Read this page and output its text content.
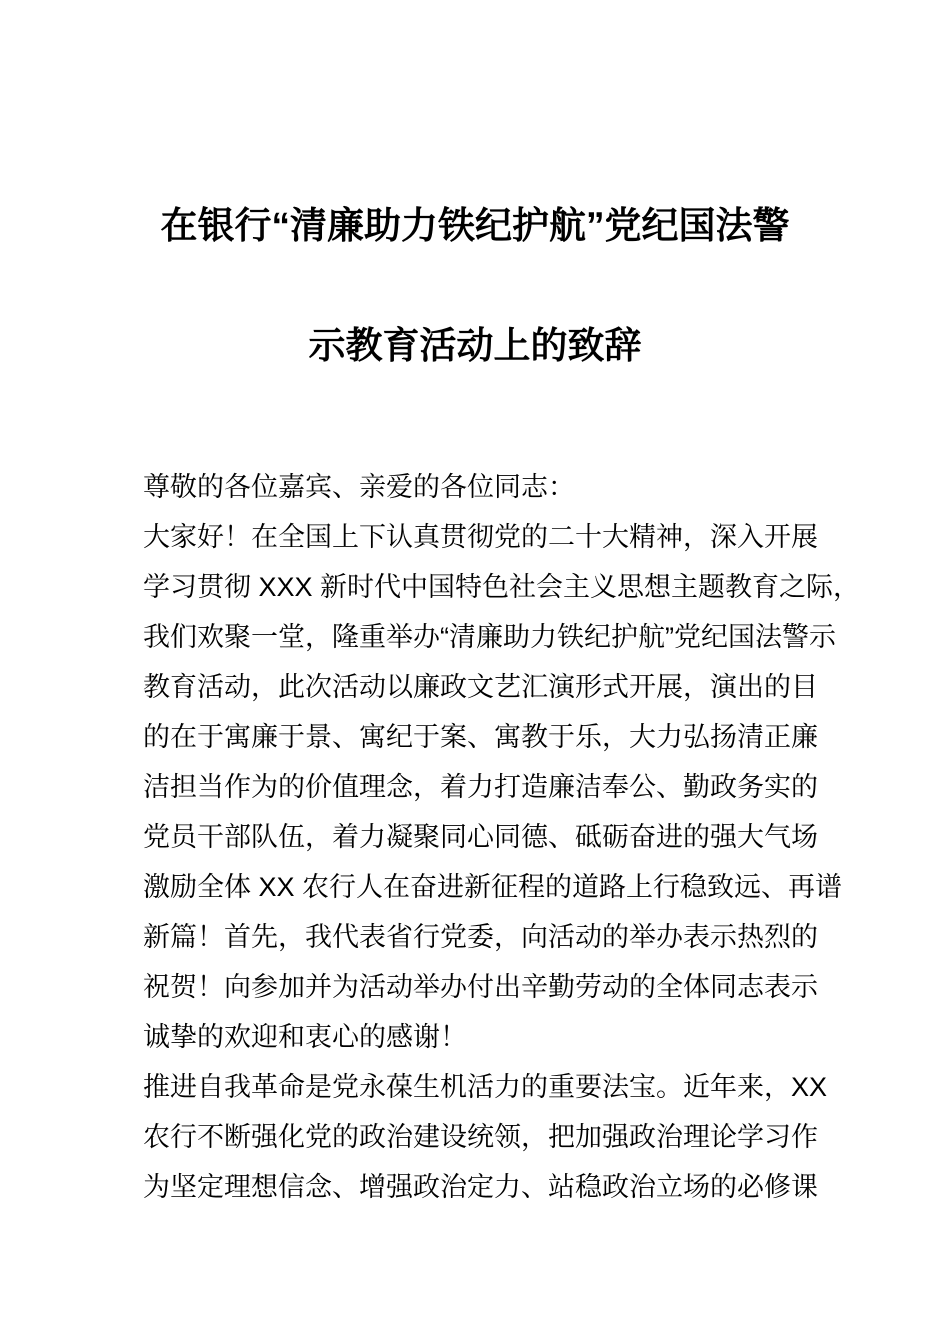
在银行“清廉助力铁纪护航”党纪国法警
示教育活动上的致辞
尊敬的各位嘉宾、亲爱的各位同志：
大家好！在全国上下认真贯彻党的二十大精神，深入开展
学习贯彻 XXX 新时代中国特色社会主义思想主题教育之际，
我们欢聚一堂，隆重举办“清廉助力铁纪护航”党纪国法警示
教育活动，此次活动以廉政文艺汇演形式开展，演出的目
的在于寓廉于景、寓纪于案、寓教于乐，大力弘扬清正廉
洁担当作为的价值理念，着力打造廉洁奉公、勤政务实的
党员干部队伍，着力凝聚同心同德、砥砺奋进的强大气场
激励全体 XX 农行人在奋进新征程的道路上行稳致远、再谱
新篇！首先，我代表省行党委，向活动的举办表示热烈的
祝贺！向参加并为活动举办付出辛勤劳动的全体同志表示
诚挚的欢迎和衷心的感谢！
推进自我革命是党永葆生机活力的重要法宝。近年来，XX
农行不断强化党的政治建设统领，把加强政治理论学习作
为坚定理想信念、增强政治定力、站稳政治立场的必修课
